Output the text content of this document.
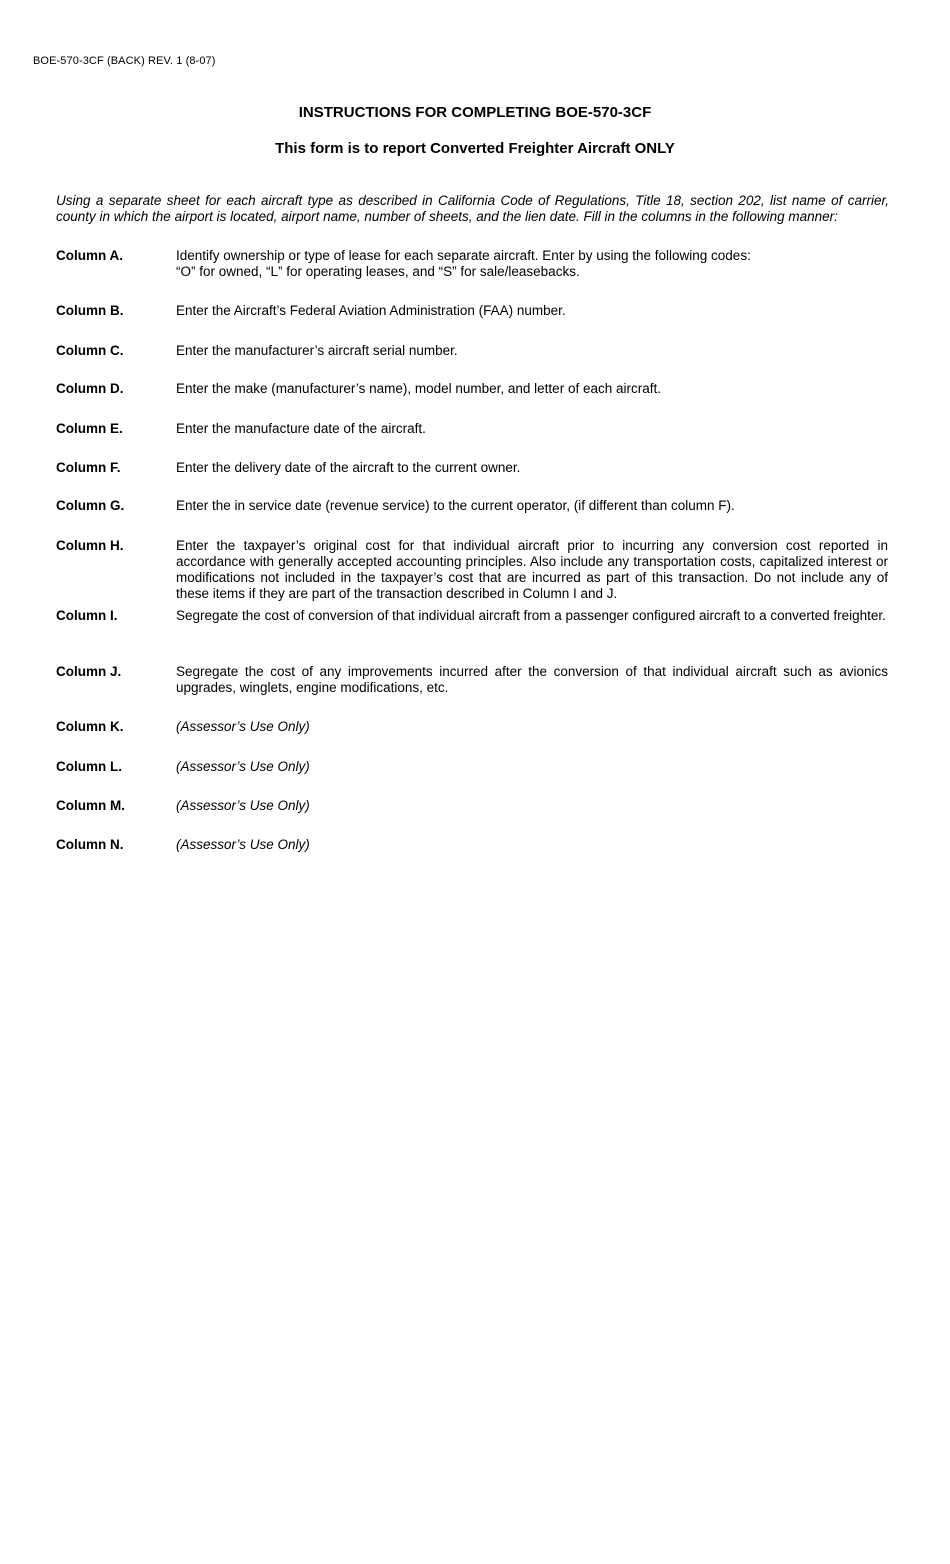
BOE-570-3CF (BACK) REV. 1 (8-07)
INSTRUCTIONS FOR COMPLETING BOE-570-3CF
This form is to report Converted Freighter Aircraft ONLY
Using a separate sheet for each aircraft type as described in California Code of Regulations, Title 18, section 202, list name of carrier, county in which the airport is located, airport name, number of sheets, and the lien date. Fill in the columns in the following manner:
Column A.	Identify ownership or type of lease for each separate aircraft. Enter by using the following codes:
“O” for owned, “L” for operating leases, and “S” for sale/leasebacks.
Column B.	Enter the Aircraft’s Federal Aviation Administration (FAA) number.
Column C.	Enter the manufacturer’s aircraft serial number.
Column D.	Enter the make (manufacturer’s name), model number, and letter of each aircraft.
Column E.	Enter the manufacture date of the aircraft.
Column F.	Enter the delivery date of the aircraft to the current owner.
Column G.	Enter the in service date (revenue service) to the current operator, (if different than column F).
Column H.	Enter the taxpayer’s original cost for that individual aircraft prior to incurring any conversion cost reported in accordance with generally accepted accounting principles. Also include any transportation costs, capitalized interest or modifications not included in the taxpayer’s cost that are incurred as part of this transaction. Do not include any of these items if they are part of the transaction described in Column I and J.
Column I.	Segregate the cost of conversion of that individual aircraft from a passenger configured aircraft to a converted freighter.
Column J.	Segregate the cost of any improvements incurred after the conversion of that individual aircraft such as avionics upgrades, winglets, engine modifications, etc.
Column K.	(Assessor’s Use Only)
Column L.	(Assessor’s Use Only)
Column M.	(Assessor’s Use Only)
Column N.	(Assessor’s Use Only)
